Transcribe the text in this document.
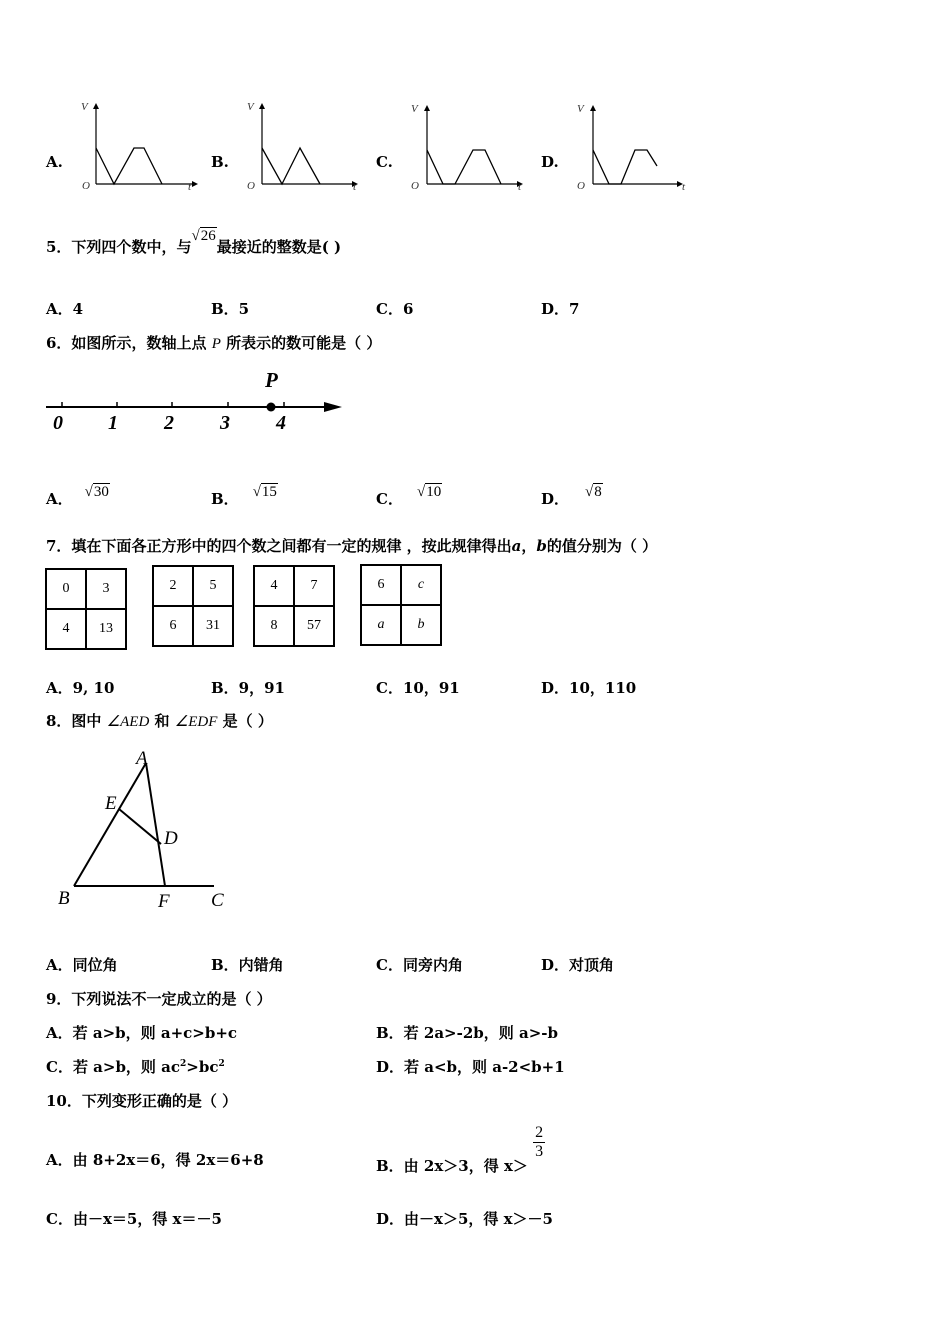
A.	B.	C.	D.
V
t
O
V
t
O
V
t
O
V
t
O
5．下列四个数中，与√26最接近的整数是( )
A．4	B．5	C．6	D．7
6．如图所示，数轴上点 P 所表示的数可能是（ ）
P
0 1 2 3 4
A． √30	B． √15	C． √10	D． √8
7．填在下面各正方形中的四个数之间都有一定的规律 ，按此规律得出a，b的值分别为（ ）
0	3
4	13
2	5
6	31
4	7
8	57
6	c
a	b
A．9, 10	B．9，91	C．10，91	D．10，110
8．图中 ∠AED 和 ∠EDF 是（ ）
A
E
D
B	F C
A．同位角	B．内错角	C．同旁内角	D．对顶角
9．下列说法不一定成立的是（ ）
A．若 a>b，则 a+c>b+c	B．若 2a>-2b，则 a>-b
C．若 a>b，则 $ac^2>bc^2$	D．若 a<b，则 a-2<b+1
10．下列变形正确的是（ ）
A．由 8+2x＝6，得 2x＝6+8	B．由 2x＞3，得 x＞
$\frac{2}{3}$
C．由－x＝5，得 x＝－5	D．由－x＞5，得 x＞－5
